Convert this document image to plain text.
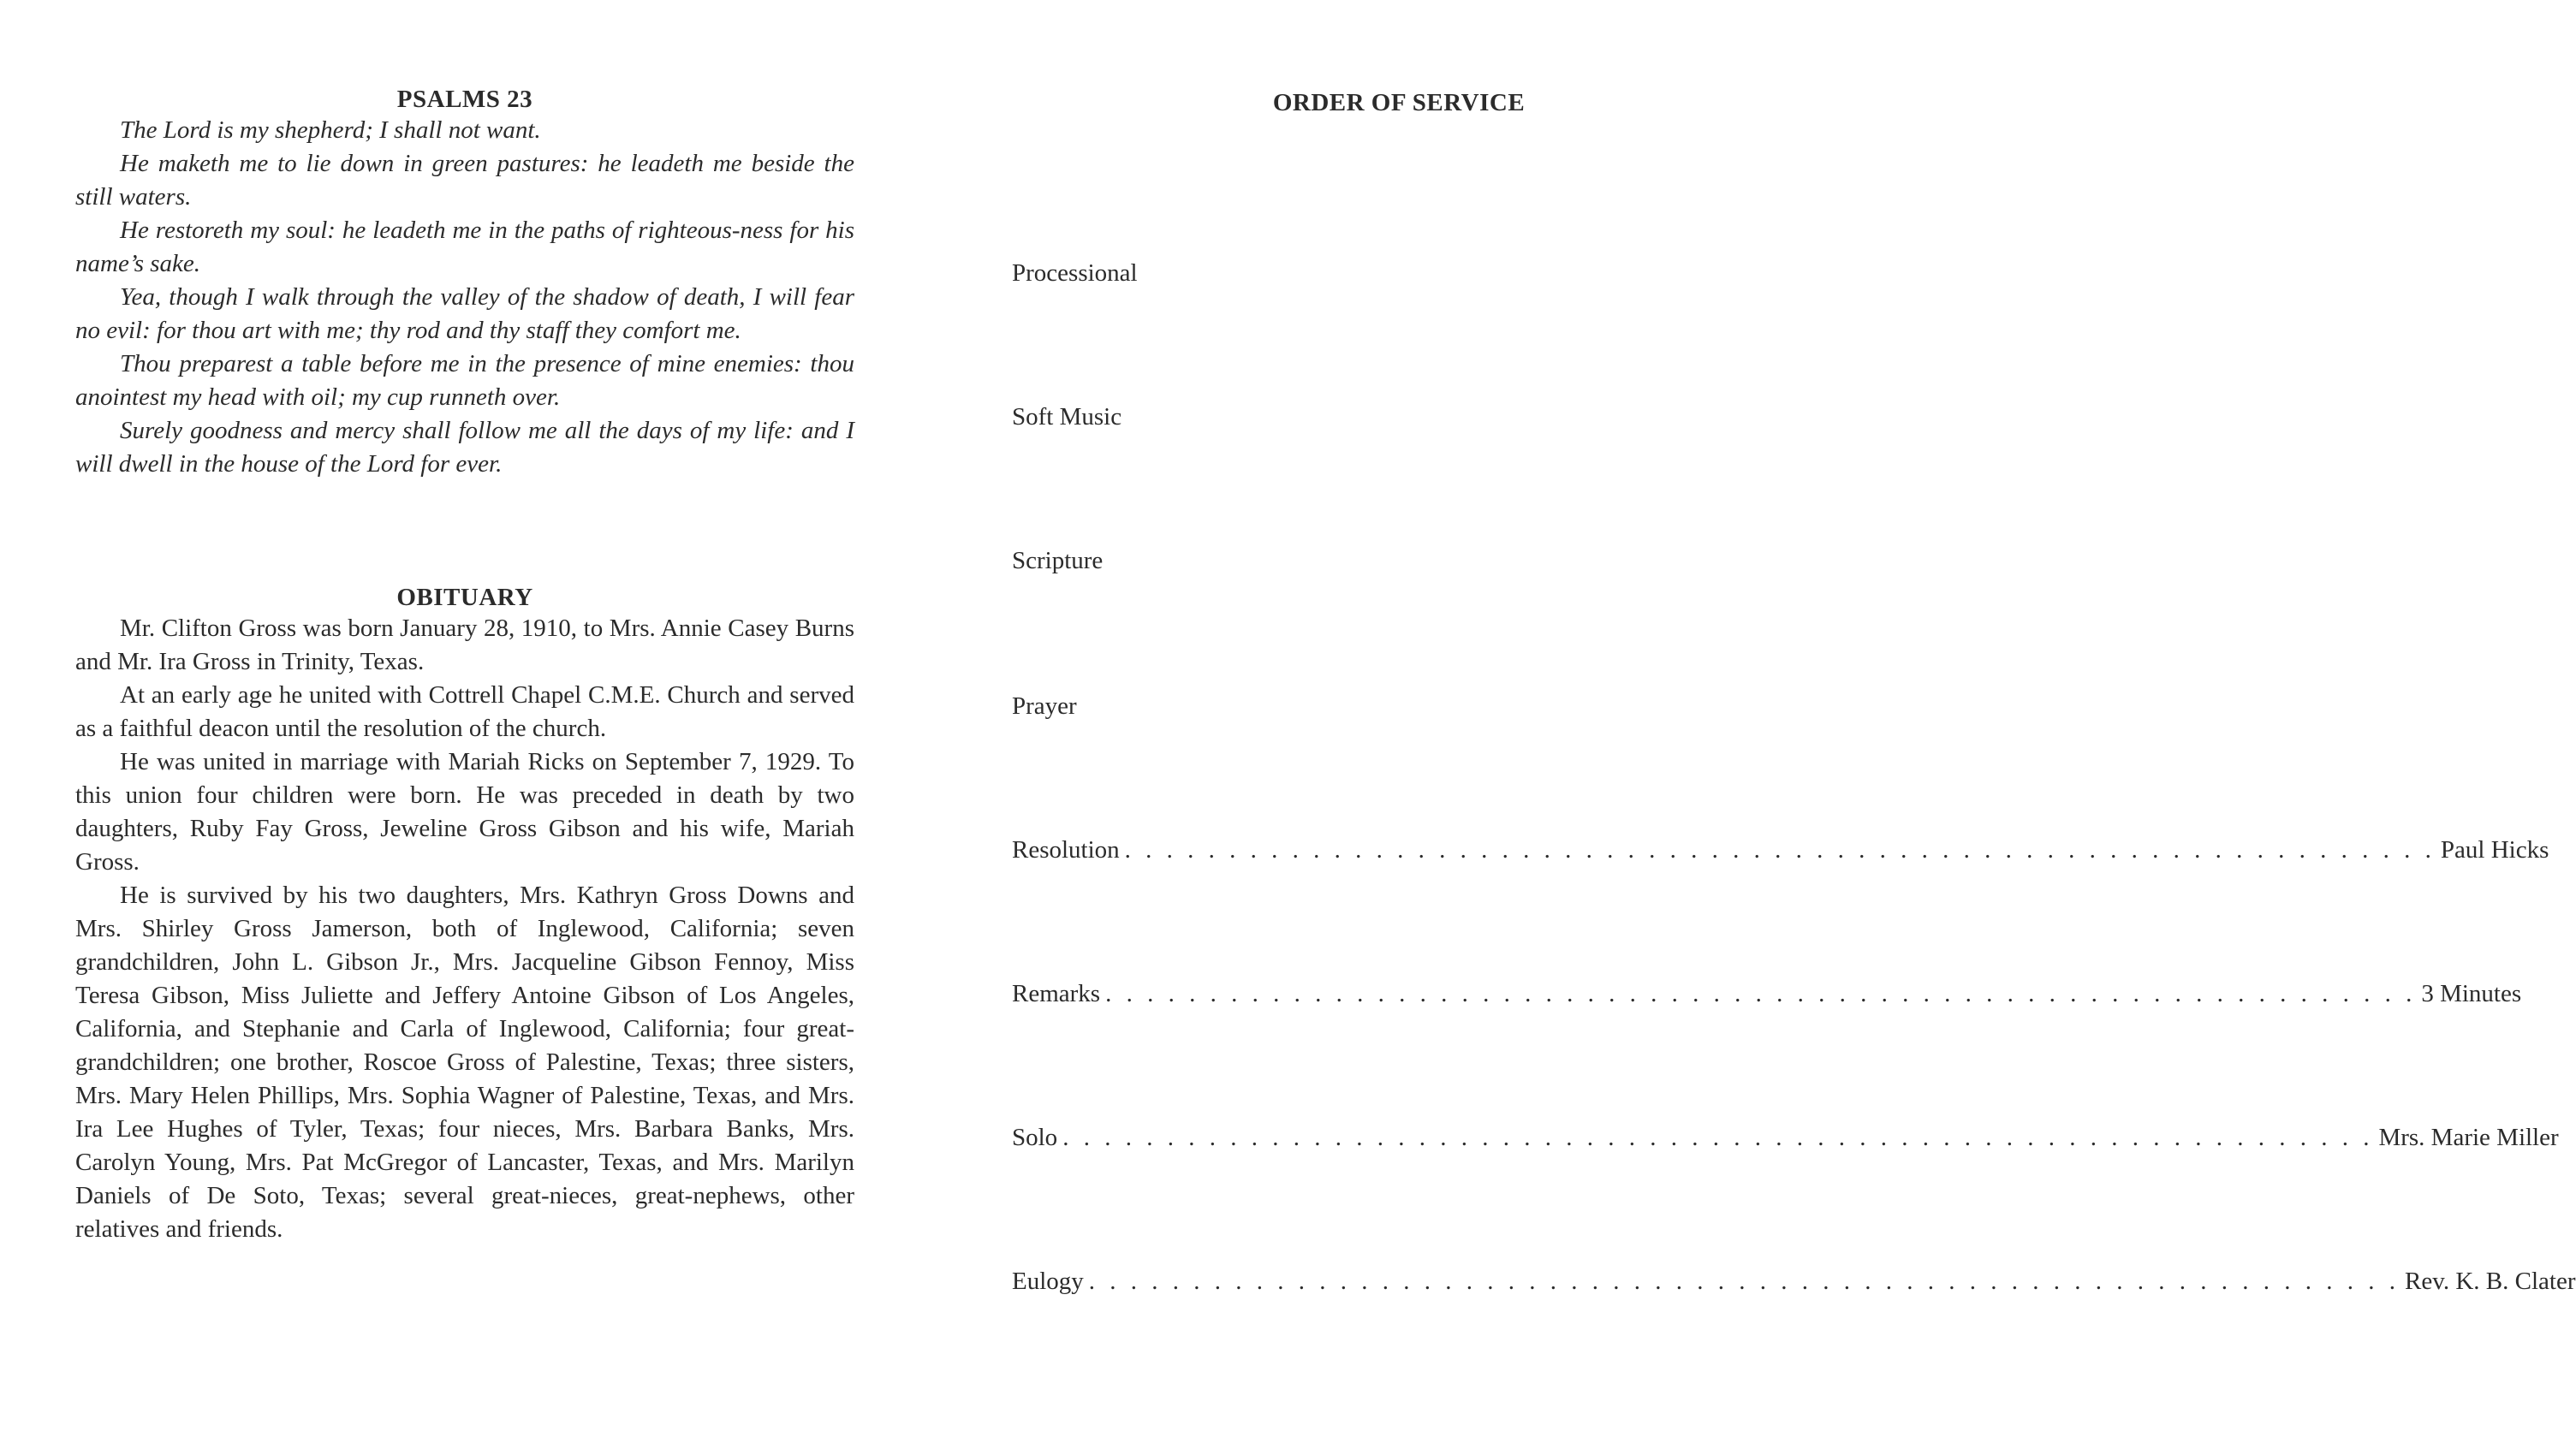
PSALMS 23

The Lord is my shepherd; I shall not want.

He maketh me to lie down in green pastures: he leadeth me beside the still waters.

He restoreth my soul: he leadeth me in the paths of righteous-ness for his name’s sake.

Yea, though I walk through the valley of the shadow of death, I will fear no evil: for thou art with me; thy rod and thy staff they comfort me.

Thou preparest a table before me in the presence of mine enemies: thou anointest my head with oil; my cup runneth over.

Surely goodness and mercy shall follow me all the days of my life: and I will dwell in the house of the Lord for ever.

OBITUARY

Mr. Clifton Gross was born January 28, 1910, to Mrs. Annie Casey Burns and Mr. Ira Gross in Trinity, Texas.

At an early age he united with Cottrell Chapel C.M.E. Church and served as a faithful deacon until the resolution of the church.

He was united in marriage with Mariah Ricks on September 7, 1929. To this union four children were born. He was preceded in death by two daughters, Ruby Fay Gross, Jeweline Gross Gibson and his wife, Mariah Gross.

He is survived by his two daughters, Mrs. Kathryn Gross Downs and Mrs. Shirley Gross Jamerson, both of Inglewood, California; seven grandchildren, John L. Gibson Jr., Mrs. Jacqueline Gibson Fennoy, Miss Teresa Gibson, Miss Juliette and Jeffery Antoine Gibson of Los Angeles, California, and Stephanie and Carla of Inglewood, California; four great-grandchildren; one brother, Roscoe Gross of Palestine, Texas; three sisters, Mrs. Mary Helen Phillips, Mrs. Sophia Wagner of Palestine, Texas, and Mrs. Ira Lee Hughes of Tyler, Texas; four nieces, Mrs. Barbara Banks, Mrs. Carolyn Young, Mrs. Pat McGregor of Lancaster, Texas, and Mrs. Marilyn Daniels of De Soto, Texas; several great-nieces, great-nephews, other relatives and friends.

ORDER OF SERVICE
Processional
Soft Music
Scripture
Prayer
Resolution . . . . . . . . . . . . . . . . . . . . . . . . . . . . . . . . . . . . . . . . . . . . . . . . . . . . . . . . . . . . . . . Paul Hicks
Remarks . . . . . . . . . . . . . . . . . . . . . . . . . . . . . . . . . . . . . . . . . . . . . . . . . . . . . . . . . . . . . . . 3 Minutes
Solo . . . . . . . . . . . . . . . . . . . . . . . . . . . . . . . . . . . . . . . . . . . . . . . . . . . . . . . . . . . . . . . Mrs. Marie Miller
Eulogy . . . . . . . . . . . . . . . . . . . . . . . . . . . . . . . . . . . . . . . . . . . . . . . . . . . . . . . . . . . . . . . Rev. K. B. Clater
